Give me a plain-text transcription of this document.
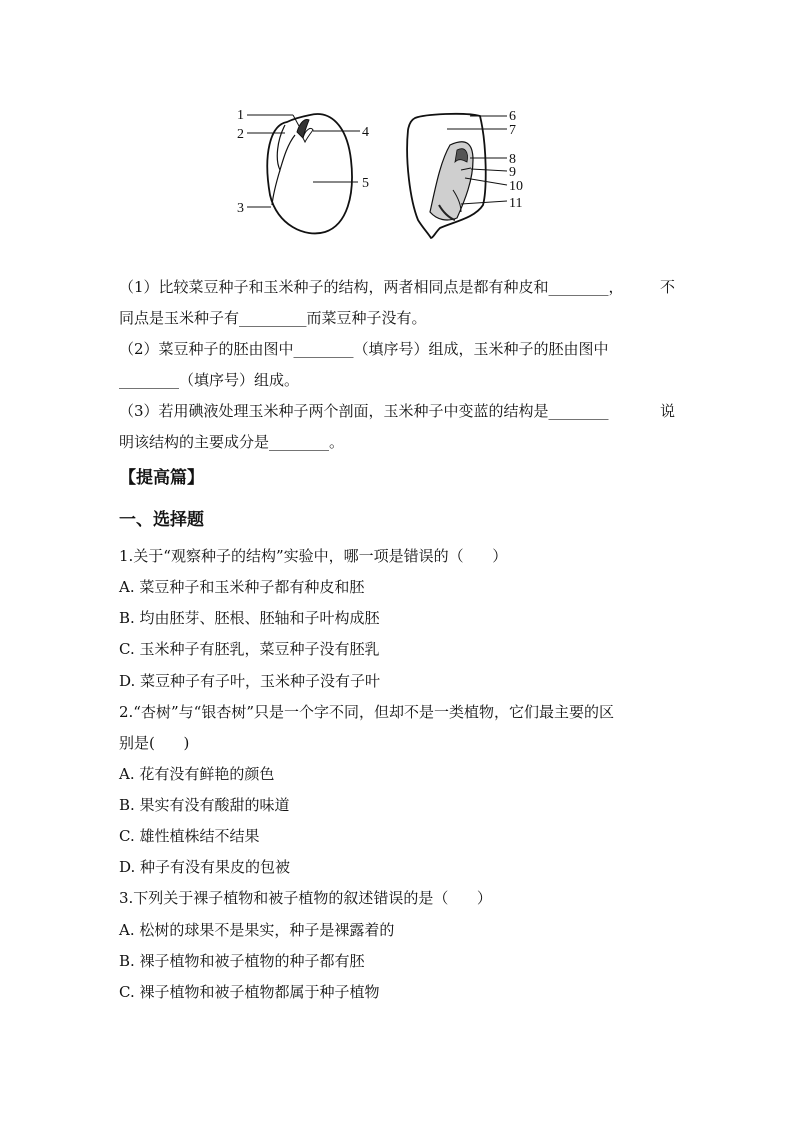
1
2
3
4
5
6
7
8
9
10
11
（1）比较菜豆种子和玉米种子的结构，两者相同点是都有种皮和________， 不
同点是玉米种子有_________而菜豆种子没有。
（2）菜豆种子的胚由图中________（填序号）组成，玉米种子的胚由图中
________（填序号）组成。
（3）若用碘液处理玉米种子两个剖面，玉米种子中变蓝的结构是________	说
明该结构的主要成分是________。
【提高篇】
一、选择题
1.关于“观察种子的结构”实验中，哪一项是错误的（      ）
A. 菜豆种子和玉米种子都有种皮和胚
B. 均由胚芽、胚根、胚轴和子叶构成胚
C. 玉米种子有胚乳，菜豆种子没有胚乳
D. 菜豆种子有子叶，玉米种子没有子叶
2.“杏树”与“银杏树”只是一个字不同，但却不是一类植物，它们最主要的区
别是(      )
A. 花有没有鲜艳的颜色
B. 果实有没有酸甜的味道
C. 雄性植株结不结果
D. 种子有没有果皮的包被
3.下列关于裸子植物和被子植物的叙述错误的是（      ）
A. 松树的球果不是果实，种子是裸露着的
B. 裸子植物和被子植物的种子都有胚
C. 裸子植物和被子植物都属于种子植物
